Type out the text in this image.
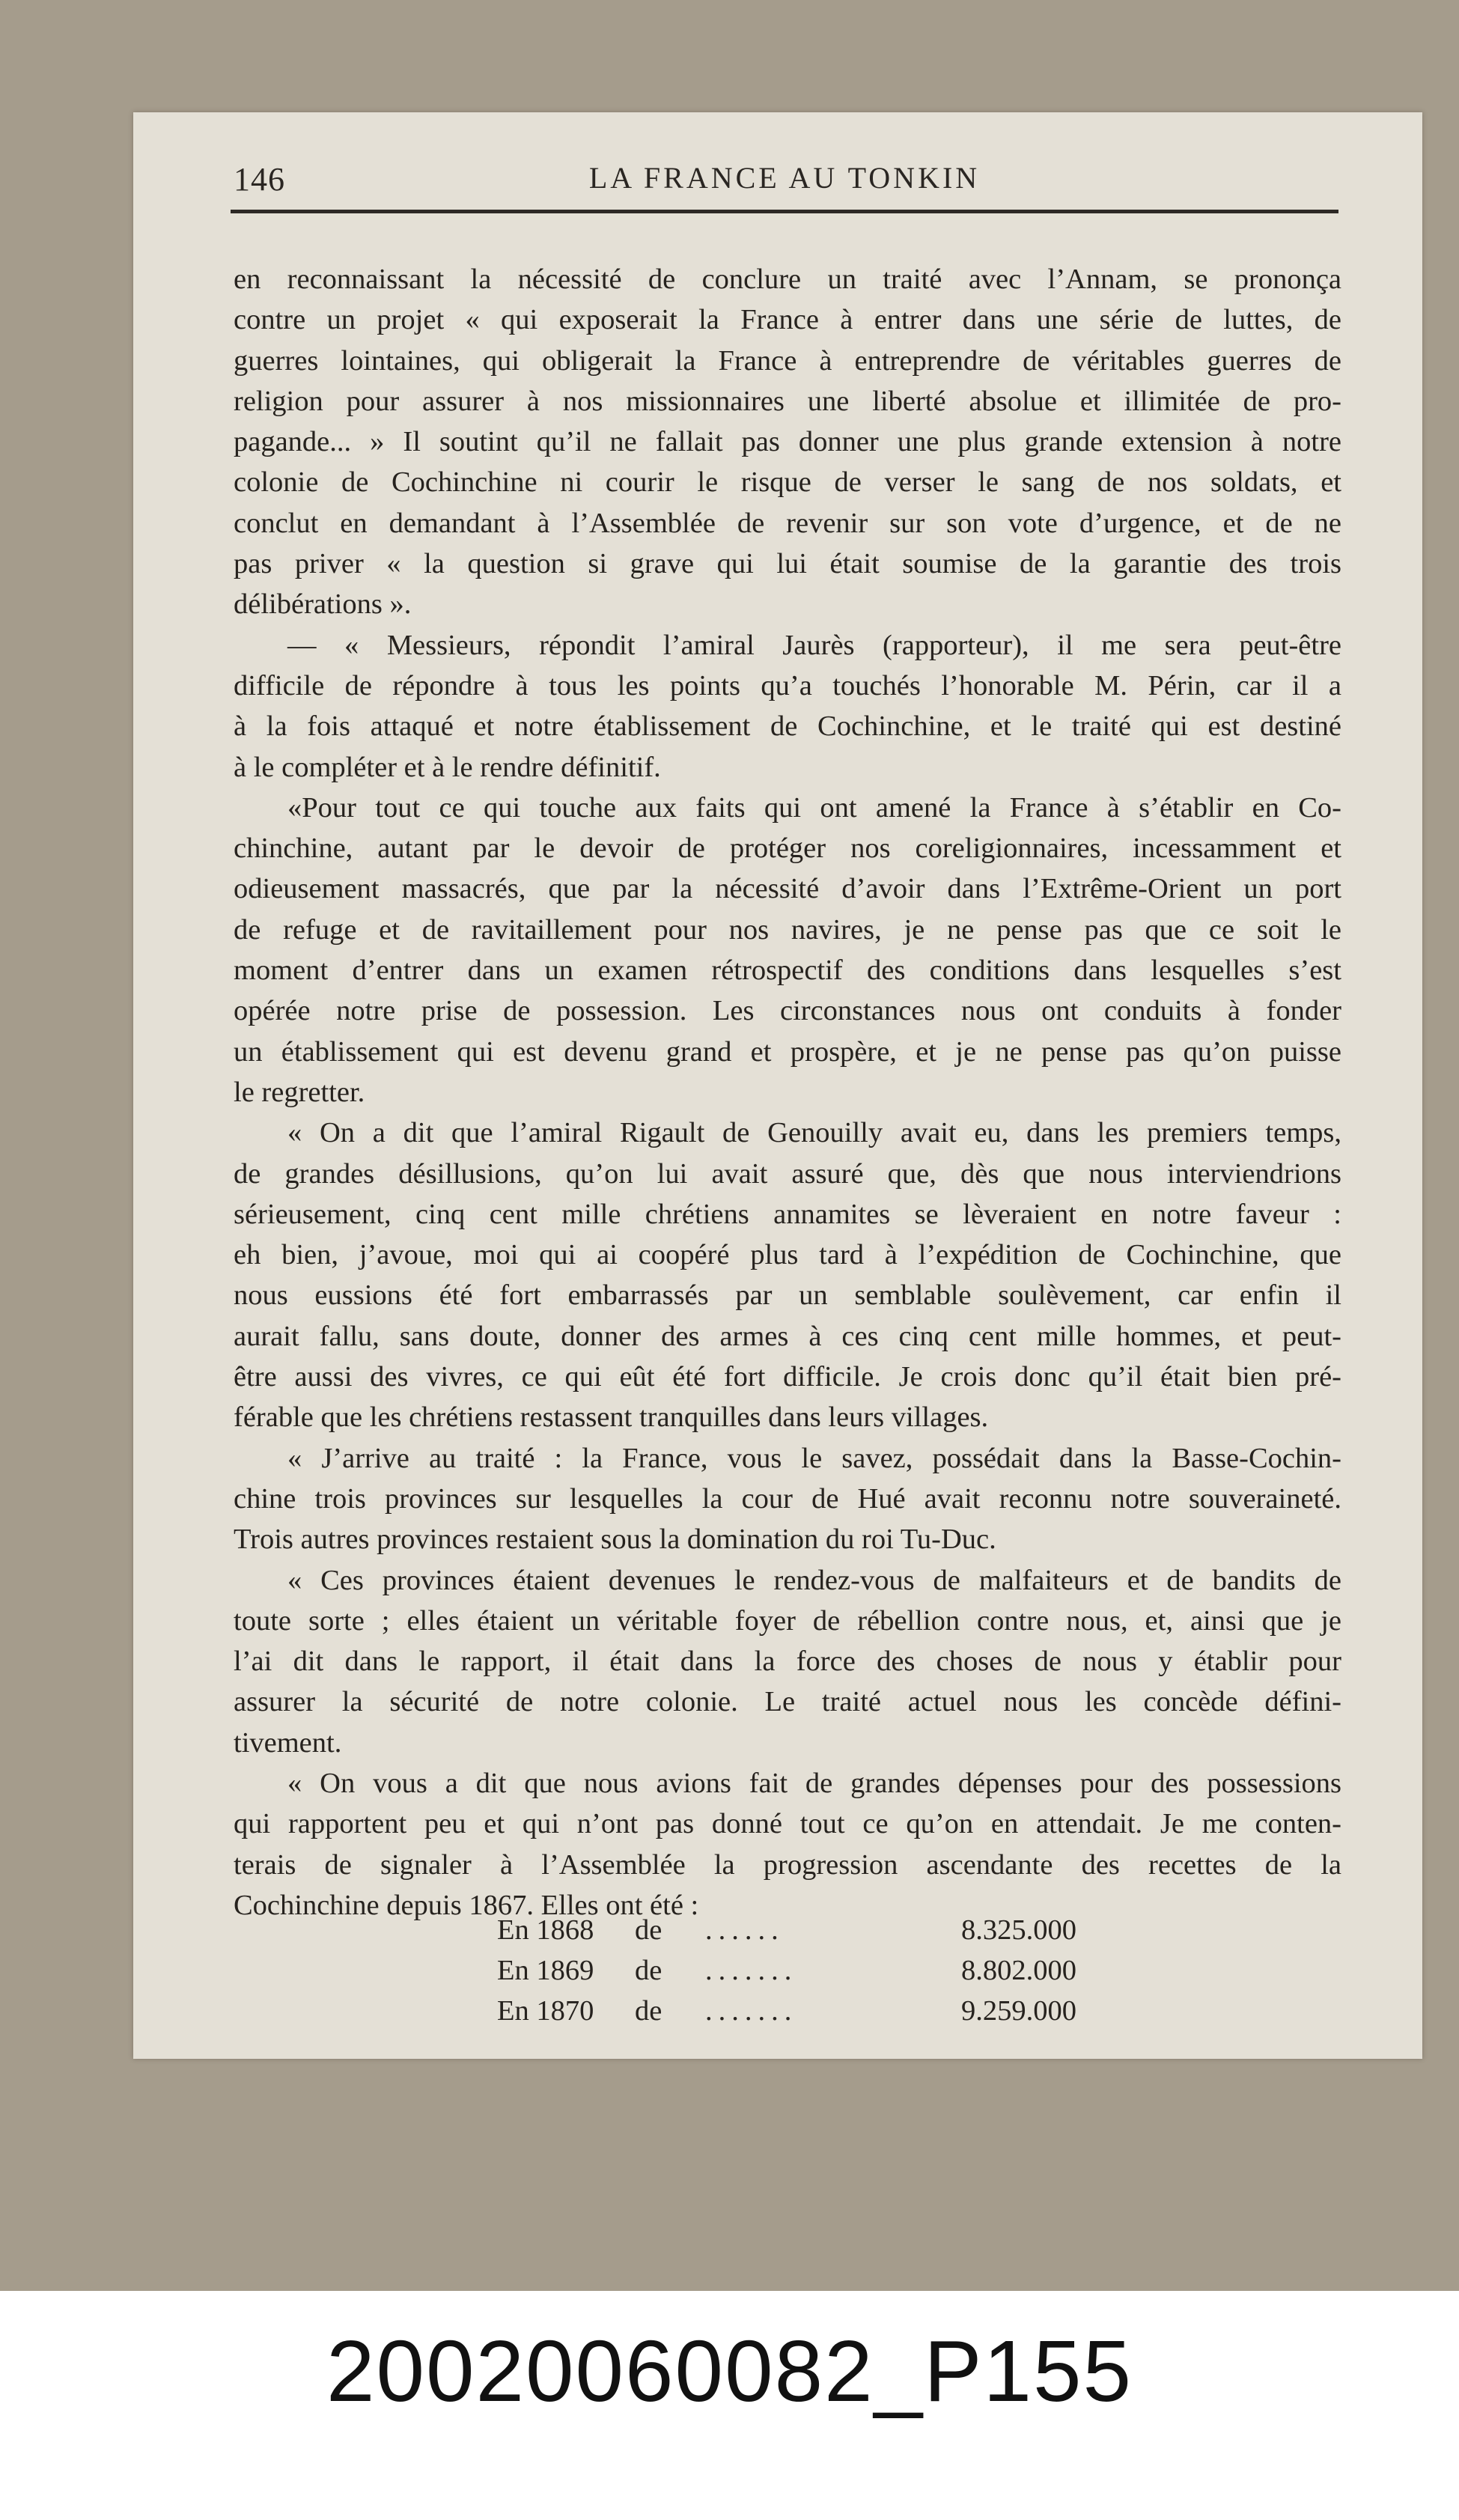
146	LA FRANCE AU TONKIN
en reconnaissant la nécessité de conclure un traité avec l’Annam, se prononça
contre un projet « qui exposerait la France à entrer dans une série de luttes, de
guerres lointaines, qui obligerait la France à entreprendre de véritables guerres de
religion pour assurer à nos missionnaires une liberté absolue et illimitée de pro-
pagande... » Il soutint qu’il ne fallait pas donner une plus grande extension à notre
colonie de Cochinchine ni courir le risque de verser le sang de nos soldats, et
conclut en demandant à l’Assemblée de revenir sur son vote d’urgence, et de ne
pas priver « la question si grave qui lui était soumise de la garantie des trois
délibérations ».
— « Messieurs, répondit l’amiral Jaurès (rapporteur), il me sera peut-être
difficile de répondre à tous les points qu’a touchés l’honorable M. Périn, car il a
à la fois attaqué et notre établissement de Cochinchine, et le traité qui est destiné
à le compléter et à le rendre définitif.
«Pour tout ce qui touche aux faits qui ont amené la France à s’établir en Co-
chinchine, autant par le devoir de protéger nos coreligionnaires, incessamment et
odieusement massacrés, que par la nécessité d’avoir dans l’Extrême-Orient un port
de refuge et de ravitaillement pour nos navires, je ne pense pas que ce soit le
moment d’entrer dans un examen rétrospectif des conditions dans lesquelles s’est
opérée notre prise de possession. Les circonstances nous ont conduits à fonder
un établissement qui est devenu grand et prospère, et je ne pense pas qu’on puisse
le regretter.
« On a dit que l’amiral Rigault de Genouilly avait eu, dans les premiers temps,
de grandes désillusions, qu’on lui avait assuré que, dès que nous interviendrions
sérieusement, cinq cent mille chrétiens annamites se lèveraient en notre faveur :
eh bien, j’avoue, moi qui ai coopéré plus tard à l’expédition de Cochinchine, que
nous eussions été fort embarrassés par un semblable soulèvement, car enfin il
aurait fallu, sans doute, donner des armes à ces cinq cent mille hommes, et peut-
être aussi des vivres, ce qui eût été fort difficile. Je crois donc qu’il était bien pré-
férable que les chrétiens restassent tranquilles dans leurs villages.
« J’arrive au traité : la France, vous le savez, possédait dans la Basse-Cochin-
chine trois provinces sur lesquelles la cour de Hué avait reconnu notre souveraineté.
Trois autres provinces restaient sous la domination du roi Tu-Duc.
« Ces provinces étaient devenues le rendez-vous de malfaiteurs et de bandits de
toute sorte ; elles étaient un véritable foyer de rébellion contre nous, et, ainsi que je
l’ai dit dans le rapport, il était dans la force des choses de nous y établir pour
assurer la sécurité de notre colonie. Le traité actuel nous les concède défini-
tivement.
« On vous a dit que nous avions fait de grandes dépenses pour des possessions
qui rapportent peu et qui n’ont pas donné tout ce qu’on en attendait. Je me conten-
terais de signaler à l’Assemblée la progression ascendante des recettes de la
Cochinchine depuis 1867. Elles ont été :
En 1868 de ......	8.325.000
En 1869 de .......	8.802.000
En 1870 de .......	9.259.000
20020060082_P155
